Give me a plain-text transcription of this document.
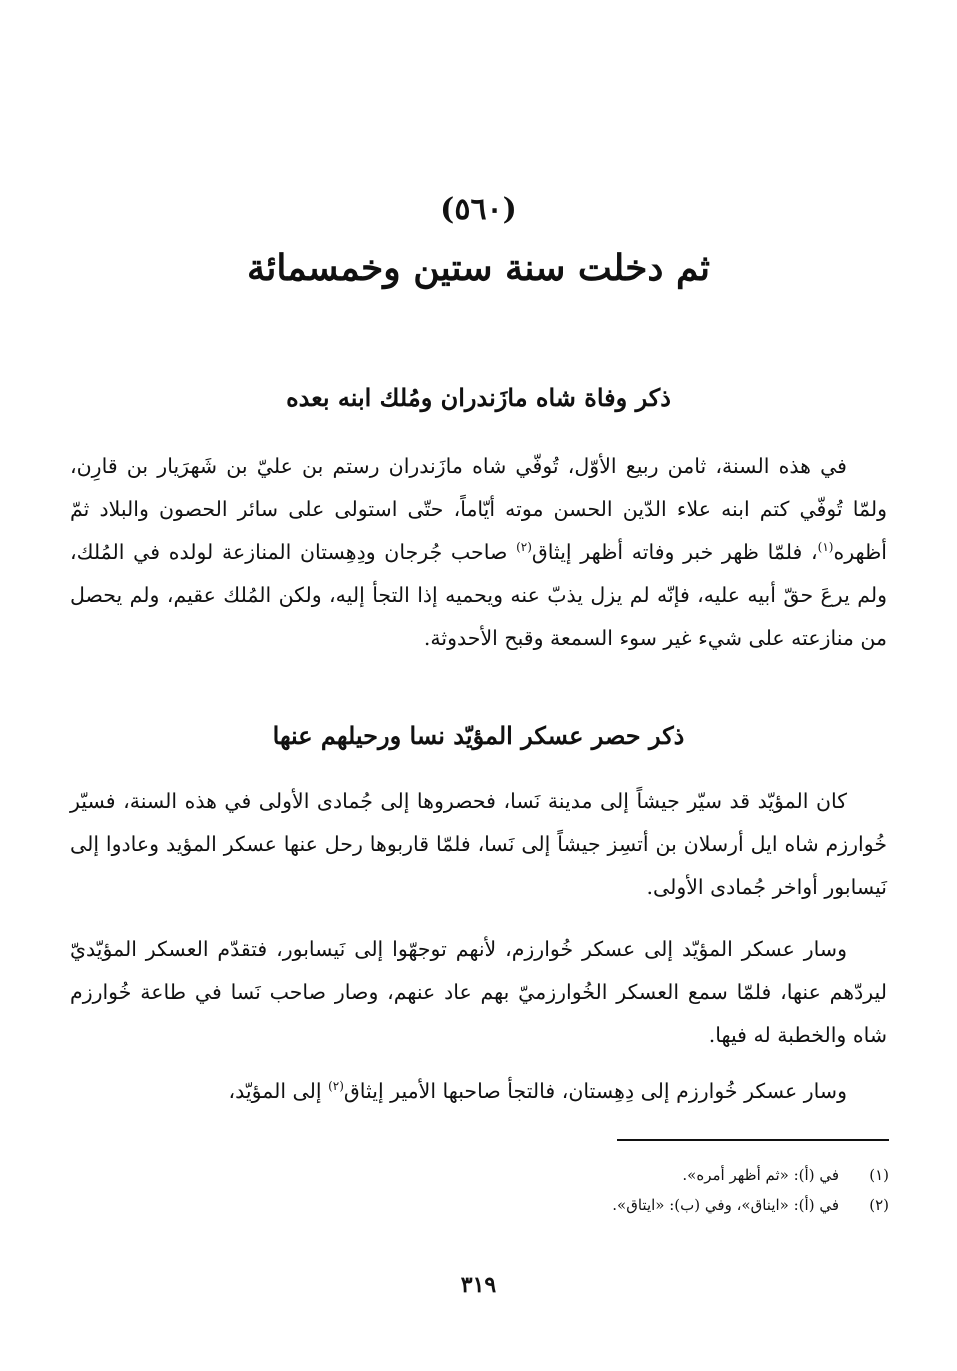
(٥٦٠)
ثم دخلت سنة ستين وخمسمائة
ذكر وفاة شاه مازَندران ومُلك ابنه بعده

في هذه السنة، ثامن ربيع الأوّل، تُوفّي شاه مازَندران رستم بن عليّ بن شَهرَيار بن قارِن، ولمّا تُوفّي كتم ابنه علاء الدّين الحسن موته أيّاماً، حتّى استولى على سائر الحصون والبلاد ثمّ أظهره$^{(١)}$، فلمّا ظهر خبر وفاته أظهر إيثاق$^{(٢)}$ صاحب جُرجان ودِهِستان المنازعة لولده في المُلك، ولم يرعَ حقّ أبيه عليه، فإنّه لم يزل يذبّ عنه ويحميه إذا التجأ إليه، ولكن المُلك عقيم، ولم يحصل من منازعته على شيء غير سوء السمعة وقبح الأحدوثة.

ذكر حصر عسكر المؤيّد نسا ورحيلهم عنها

كان المؤيّد قد سيّر جيشاً إلى مدينة نَسا، فحصروها إلى جُمادى الأولى في هذه السنة، فسيّر خُوارزم شاه ايل أرسلان بن أتسِز جيشاً إلى نَسا، فلمّا قاربوها رحل عنها عسكر المؤيد وعادوا إلى نَيسابور أواخر جُمادى الأولى.

وسار عسكر المؤيّد إلى عسكر خُوارزم، لأنهم توجهّوا إلى نَيسابور، فتقدّم العسكر المؤيّديّ ليردّهم عنها، فلمّا سمع العسكر الخُوارزميّ بهم عاد عنهم، وصار صاحب نَسا في طاعة خُوارزم شاه والخطبة له فيها.

وسار عسكر خُوارزم إلى دِهِستان، فالتجأ صاحبها الأمير إيثاق$^{(٢)}$ إلى المؤيّد،

(١)
في (أ): «ثم أظهر أمره».
(٢)
في (أ): «ايناق»، وفي (ب): «ايتاق».
٣١٩
